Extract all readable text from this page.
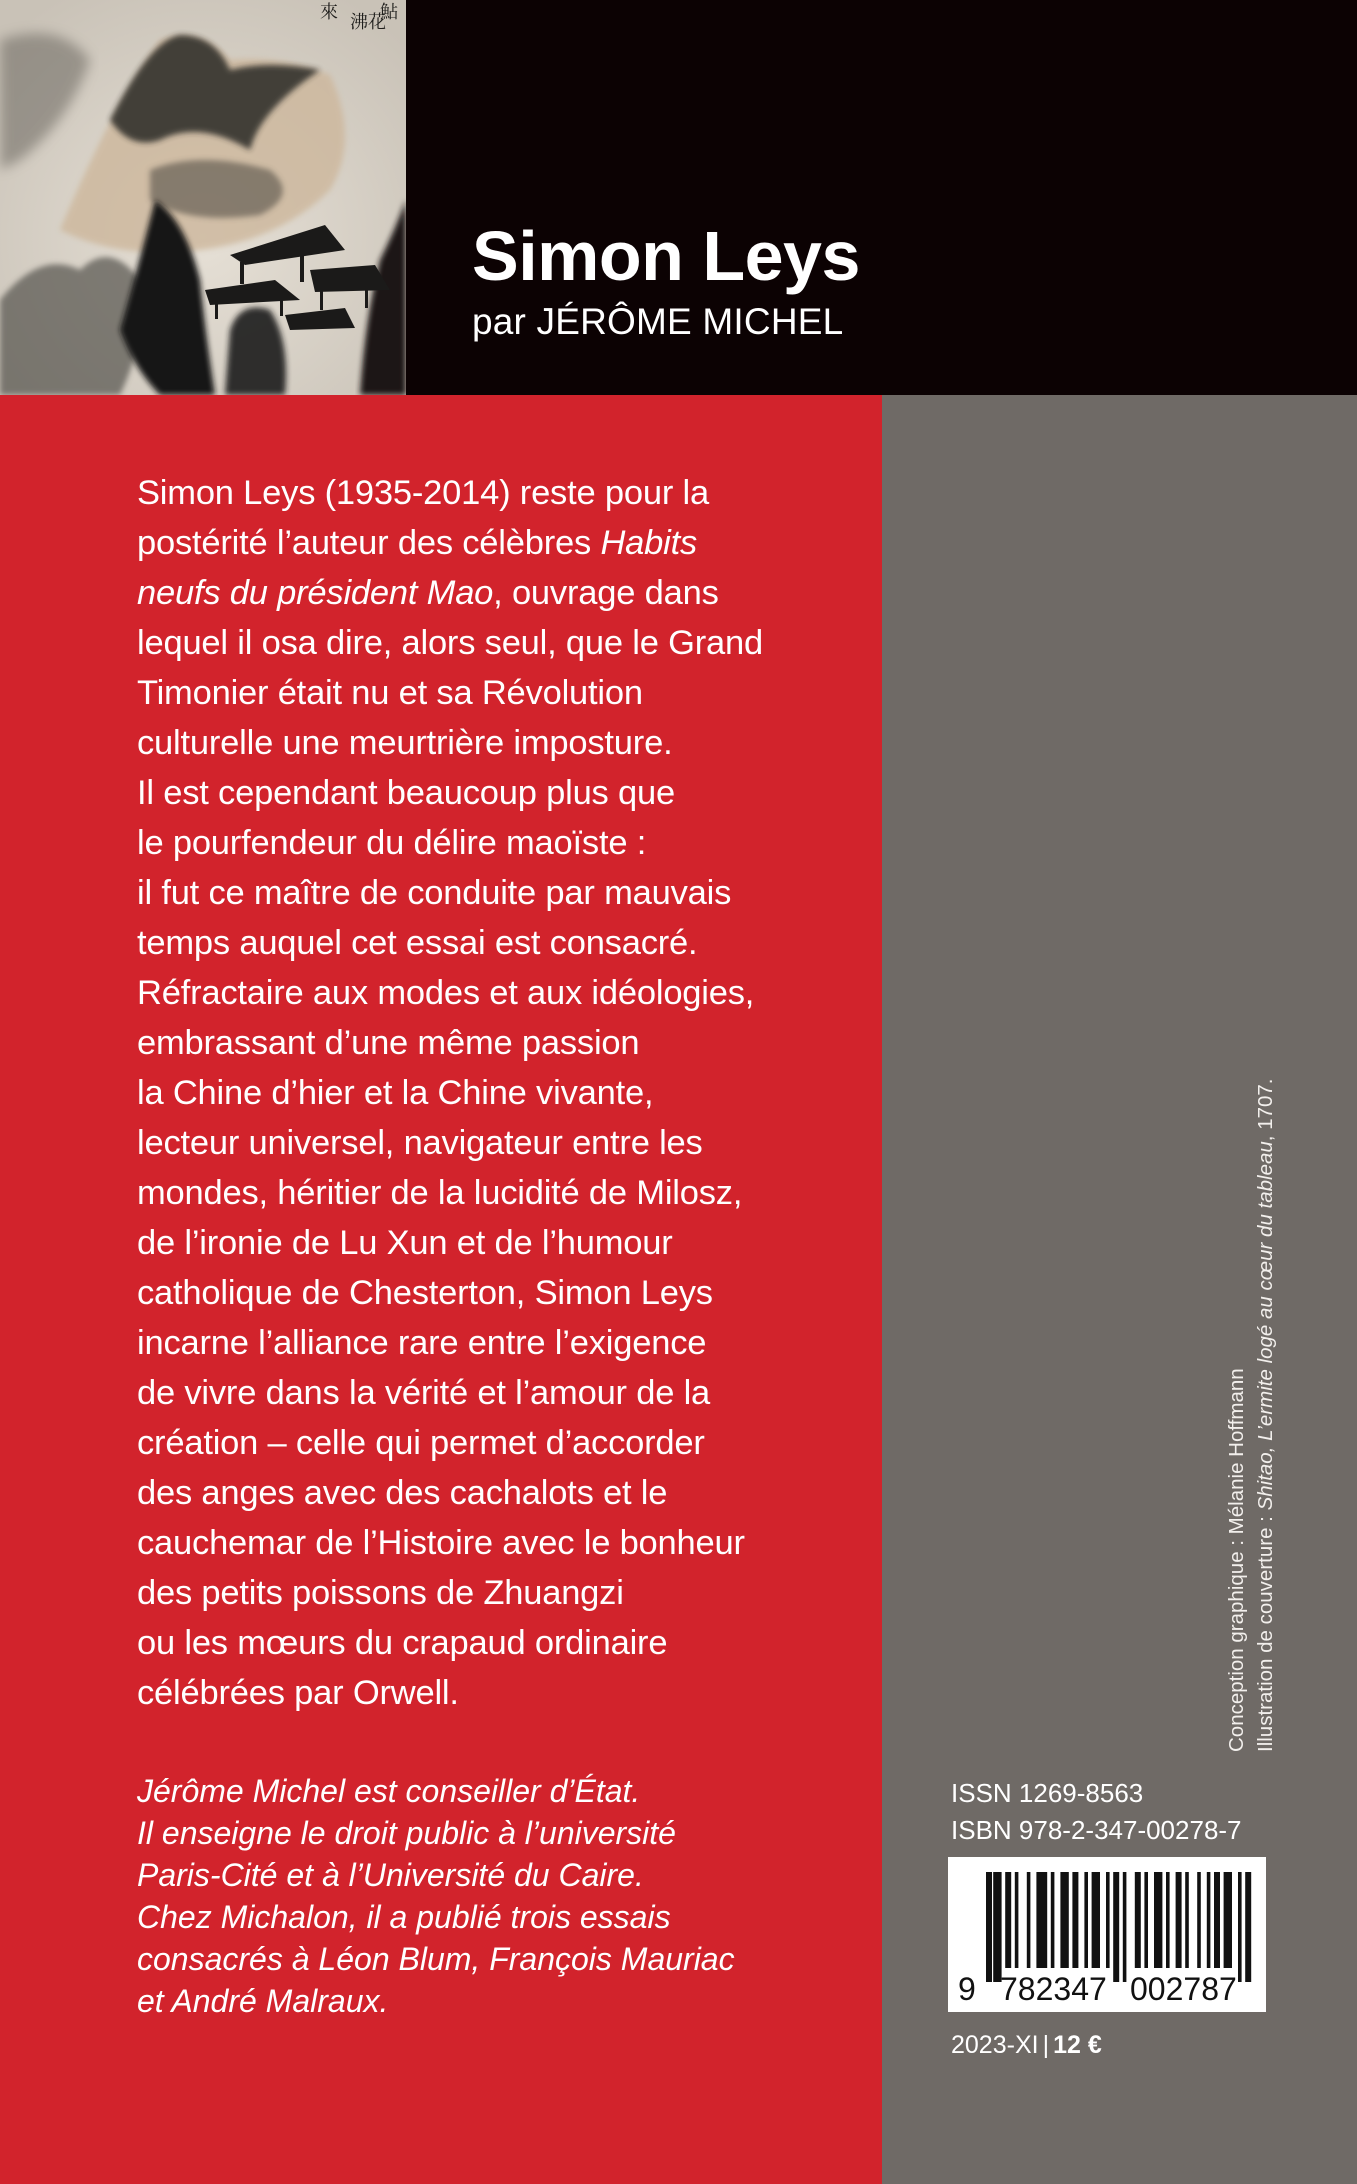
來 沸花
鮎
Simon Leys
par JÉRÔME MICHEL
Simon Leys (1935-2014) reste pour la
postérité l’auteur des célèbres Habits
neufs du président Mao, ouvrage dans
lequel il osa dire, alors seul, que le Grand
Timonier était nu et sa Révolution
culturelle une meurtrière imposture.
Il est cependant beaucoup plus que
le pourfendeur du délire maoïste :
il fut ce maître de conduite par mauvais
temps auquel cet essai est consacré.
Réfractaire aux modes et aux idéologies,
embrassant d’une même passion
la Chine d’hier et la Chine vivante,
lecteur universel, navigateur entre les
mondes, héritier de la lucidité de Milosz,
de l’ironie de Lu Xun et de l’humour
catholique de Chesterton, Simon Leys
incarne l’alliance rare entre l’exigence
de vivre dans la vérité et l’amour de la
création – celle qui permet d’accorder
des anges avec des cachalots et le
cauchemar de l’Histoire avec le bonheur
des petits poissons de Zhuangzi
ou les mœurs du crapaud ordinaire
célébrées par Orwell.
Jérôme Michel est conseiller d’État.
Il enseigne le droit public à l’université
Paris-Cité et à l’Université du Caire.
Chez Michalon, il a publié trois essais
consacrés à Léon Blum, François Mauriac
et André Malraux.
Conception graphique : Mélanie Hoffmann Illustration de couverture : Shitao, L’ermite logé au cœur du tableau, 1707.
ISSN 1269-8563
ISBN 978-2-347-00278-7
9 782347 002787
2023-XI | 12 €
